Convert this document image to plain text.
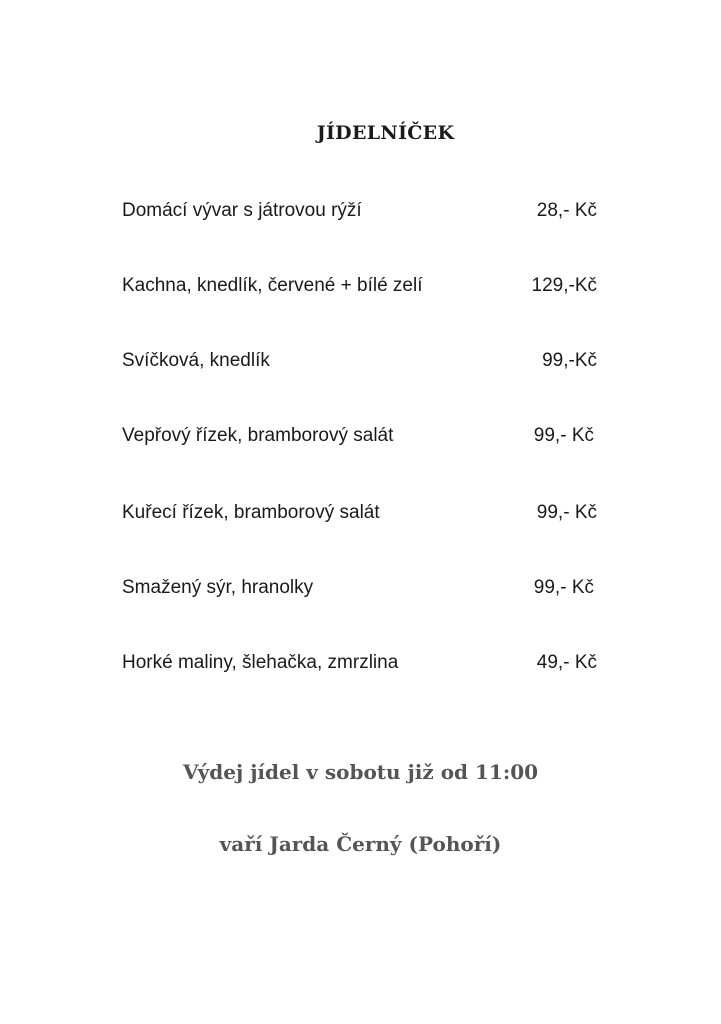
JÍDELNÍČEK
Domácí vývar s játrovou rýží	28,- Kč
Kachna, knedlík, červené + bílé zelí	129,-Kč
Svíčková, knedlík	99,-Kč
Vepřový řízek, bramborový salát	99,- Kč
Kuřecí řízek, bramborový salát	99,- Kč
Smažený sýr, hranolky	99,- Kč
Horké maliny, šlehačka, zmrzlina	49,- Kč
Výdej jídel v sobotu již od 11:00
vaří Jarda Černý (Pohoří)
